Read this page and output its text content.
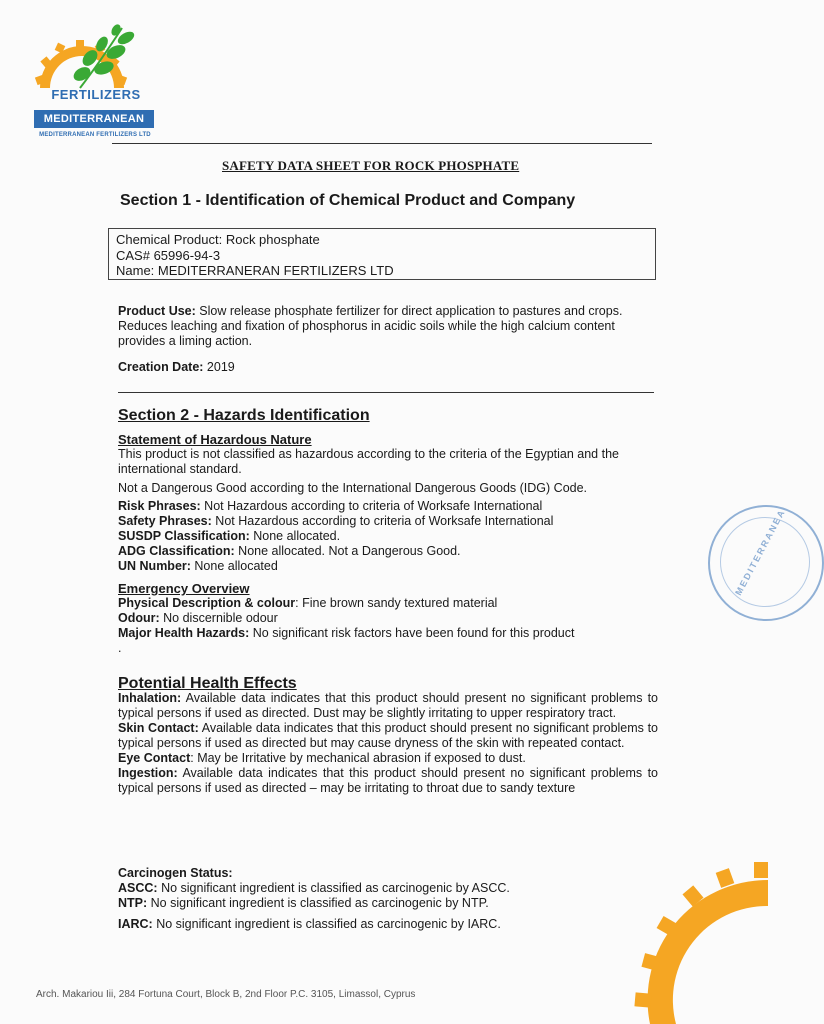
FERTILIZERS
MEDITERRANEAN
MEDITERRANEAN FERTILIZERS LTD
SAFETY DATA SHEET FOR ROCK PHOSPHATE
Section 1 - Identification of Chemical Product and Company
Chemical Product: Rock phosphate
CAS# 65996-94-3
Name: MEDITERRANERAN FERTILIZERS LTD
Product Use: Slow release phosphate fertilizer for direct application to pastures and crops. Reduces leaching and fixation of phosphorus in acidic soils while the high calcium content provides a liming action.
Creation Date: 2019
Section 2 - Hazards Identification
Statement of Hazardous Nature
This product is not classified as hazardous according to the criteria of the Egyptian and the international standard.
Not a Dangerous Good according to the International Dangerous Goods (IDG) Code.
Risk Phrases: Not Hazardous according to criteria of Worksafe International
Safety Phrases: Not Hazardous according to criteria of Worksafe International
SUSDP Classification: None allocated.
ADG Classification: None allocated. Not a Dangerous Good.
UN Number: None allocated
Emergency Overview
Physical Description & colour: Fine brown sandy textured material
Odour: No discernible odour
Major Health Hazards: No significant risk factors have been found for this product
.
Potential Health Effects
Inhalation: Available data indicates that this product should present no significant problems to typical persons if used as directed. Dust may be slightly irritating to upper respiratory tract.
Skin Contact: Available data indicates that this product should present no significant problems to typical persons if used as directed but may cause dryness of the skin with repeated contact.
Eye Contact: May be Irritative by mechanical abrasion if exposed to dust.
Ingestion: Available data indicates that this product should present no significant problems to typical persons if used as directed – may be irritating to throat due to sandy texture
Carcinogen Status:
ASCC: No significant ingredient is classified as carcinogenic by ASCC.
NTP: No significant ingredient is classified as carcinogenic by NTP.
IARC: No significant ingredient is classified as carcinogenic by IARC.
MEDITERRANEA
Arch. Makariou Iii, 284 Fortuna Court, Block B, 2nd Floor P.C. 3105, Limassol, Cyprus
